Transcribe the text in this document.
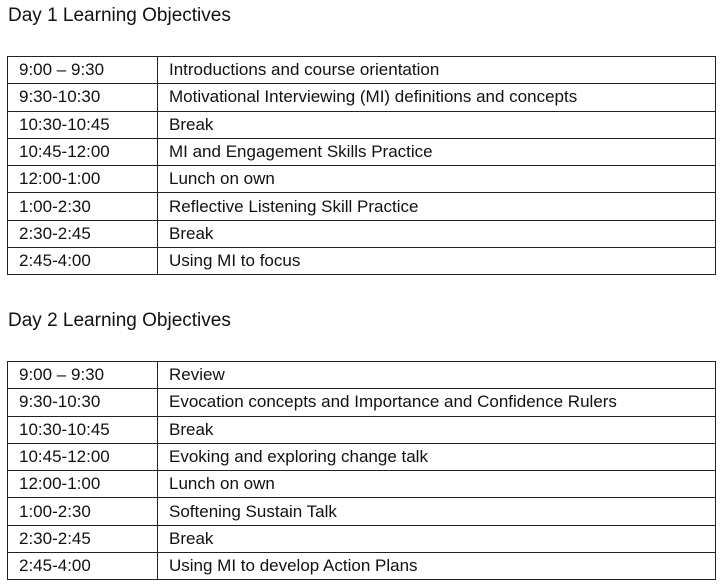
Day 1 Learning Objectives
9:00 – 9:30	Introductions and course orientation
9:30-10:30	Motivational Interviewing (MI) definitions and concepts
10:30-10:45	Break
10:45-12:00	MI and Engagement Skills Practice
12:00-1:00	Lunch on own
1:00-2:30	Reflective Listening Skill Practice
2:30-2:45	Break
2:45-4:00	Using MI to focus
Day 2 Learning Objectives
9:00 – 9:30	Review
9:30-10:30	Evocation concepts and Importance and Confidence Rulers
10:30-10:45	Break
10:45-12:00	Evoking and exploring change talk
12:00-1:00	Lunch on own
1:00-2:30	Softening Sustain Talk
2:30-2:45	Break
2:45-4:00	Using MI to develop Action Plans
